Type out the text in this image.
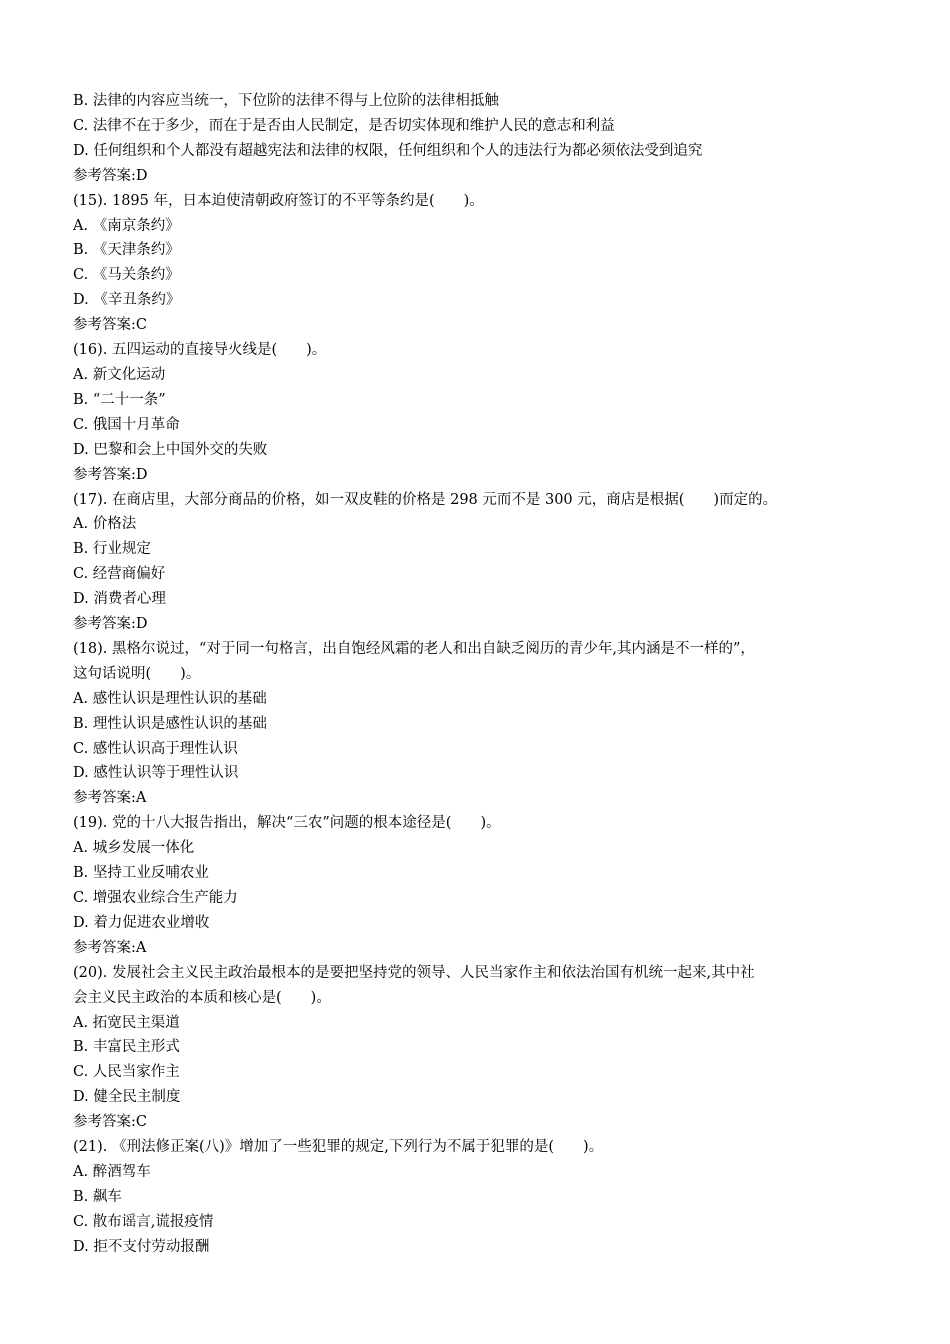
B. 法律的内容应当统一，下位阶的法律不得与上位阶的法律相抵触
C. 法律不在于多少，而在于是否由人民制定，是否切实体现和维护人民的意志和利益
D. 任何组织和个人都没有超越宪法和法律的权限，任何组织和个人的违法行为都必须依法受到追究
参考答案:D
(15). 1895 年，日本迫使清朝政府签订的不平等条约是(　　)。
A. 《南京条约》
B. 《天津条约》
C. 《马关条约》
D. 《辛丑条约》
参考答案:C
(16). 五四运动的直接导火线是(　　)。
A. 新文化运动
B. “二十一条”
C. 俄国十月革命
D. 巴黎和会上中国外交的失败
参考答案:D
(17). 在商店里，大部分商品的价格，如一双皮鞋的价格是 298 元而不是 300 元，商店是根据(　　)而定的。
A. 价格法
B. 行业规定
C. 经营商偏好
D. 消费者心理
参考答案:D
(18). 黑格尔说过，“对于同一句格言，出自饱经风霜的老人和出自缺乏阅历的青少年,其内涵是不一样的”，
这句话说明(　　)。
A. 感性认识是理性认识的基础
B. 理性认识是感性认识的基础
C. 感性认识高于理性认识
D. 感性认识等于理性认识
参考答案:A
(19). 党的十八大报告指出，解决“三农”问题的根本途径是(　　)。
A. 城乡发展一体化
B. 坚持工业反哺农业
C. 增强农业综合生产能力
D. 着力促进农业增收
参考答案:A
(20). 发展社会主义民主政治最根本的是要把坚持党的领导、人民当家作主和依法治国有机统一起来,其中社
会主义民主政治的本质和核心是(　　)。
A. 拓宽民主渠道
B. 丰富民主形式
C. 人民当家作主
D. 健全民主制度
参考答案:C
(21). 《刑法修正案(八)》增加了一些犯罪的规定,下列行为不属于犯罪的是(　　)。
A. 醉酒驾车
B. 飙车
C. 散布谣言,谎报疫情
D. 拒不支付劳动报酬
